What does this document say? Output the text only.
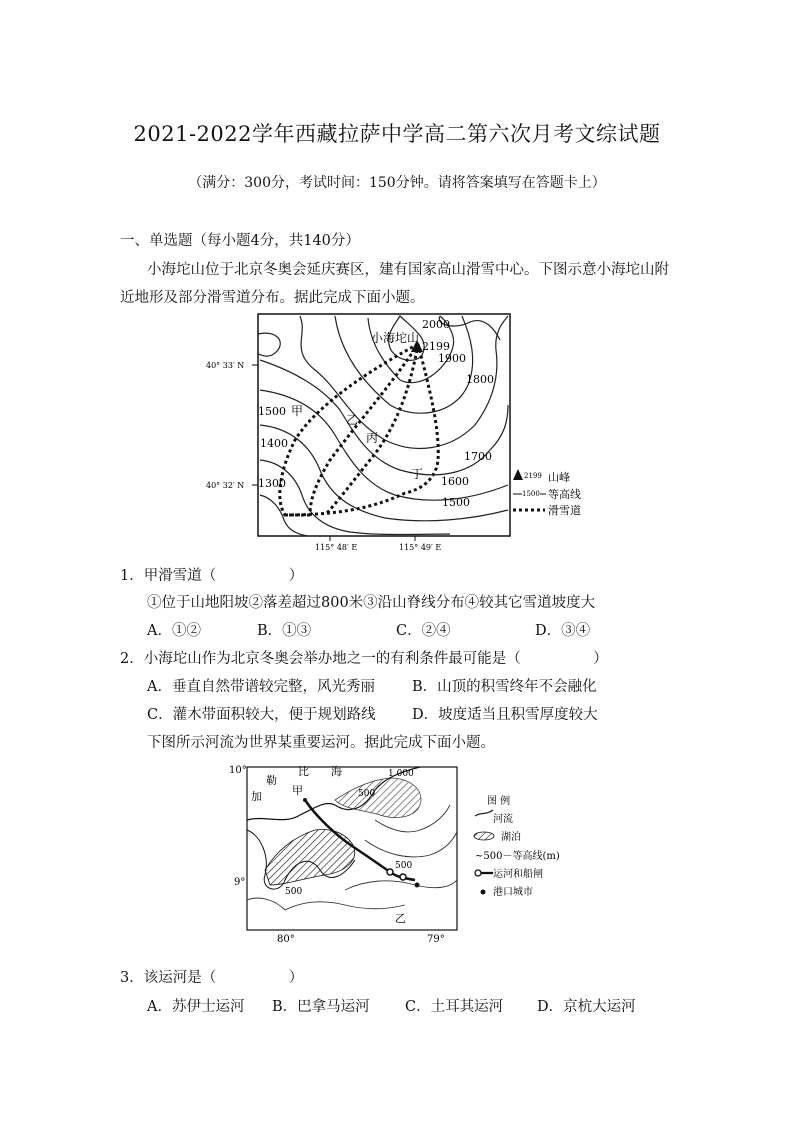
2021-2022学年西藏拉萨中学高二第六次月考文综试题
（满分：300分，考试时间：150分钟。请将答案填写在答题卡上）
一、单选题（每小题4分，共140分）
小海坨山位于北京冬奥会延庆赛区，建有国家高山滑雪中心。下图示意小海坨山附
近地形及部分滑雪道分布。据此完成下面小题。
小海坨山
2199
2000
1900
1800
1700
1600
1500
1500
1400
1300
甲
乙
丙
丁
40° 33′ N
40° 32′ N
115° 48′ E	115° 49′ E
2199 山峰
1500 等高线
滑雪道
1．甲滑雪道（　　　　　）
①位于山地阳坡②落差超过800米③沿山脊线分布④较其它雪道坡度大
A．①②	B．①③	C．②④	D．③④
2．小海坨山作为北京冬奥会举办地之一的有利条件最可能是（　　　　　）
A．垂直自然带谱较完整，风光秀丽	B．山顶的积雪终年不会融化
C．灌木带面积较大，便于规划路线	D．坡度适当且积雪厚度较大
下图所示河流为世界某重要运河。据此完成下面小题。
勒
比 海
加	甲
乙
1 000
500
500
500
10°
9°
80°	79°
图 例
河流
湖泊
~500－等高线(m)
运河和船闸
港口城市
3．该运河是（　　　　　）
A．苏伊士运河 B．巴拿马运河 C．土耳其运河 D．京杭大运河
